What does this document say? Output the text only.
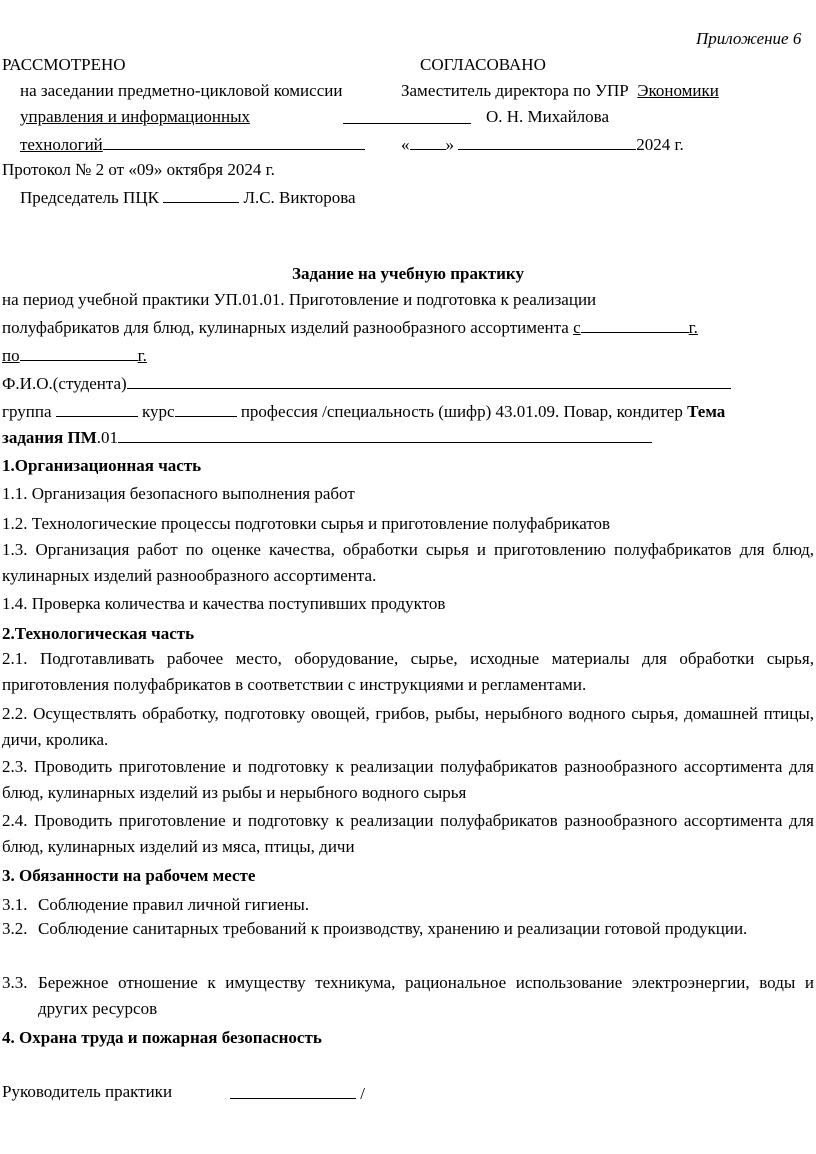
Приложение 6
РАССМОТРЕНО	СОГЛАСОВАНО
на заседании предметно-цикловой комиссии	Заместитель директора по УПР Экономики
управления и информационных	О. Н. Михайлова
технологий	« »	2024 г.
Протокол № 2 от «09» октября 2024 г.
Председатель ПЦК	Л.С. Викторова
Задание на учебную практику
на период учебной практики УП.01.01. Приготовление и подготовка к реализации
полуфабрикатов для блюд, кулинарных изделий разнообразного ассортимента с	г.
по	г.
Ф.И.О.(студента)
группа	курс	профессия /специальность (шифр) 43.01.09. Повар, кондитер Тема
задания ПМ.01
1.Организационная часть
1.1. Организация безопасного выполнения работ
1.2. Технологические процессы подготовки сырья и приготовление полуфабрикатов
1.3. Организация работ по оценке качества, обработки сырья и приготовлению полуфабрикатов для блюд, кулинарных изделий разнообразного ассортимента.
1.4. Проверка количества и качества поступивших продуктов
2.Технологическая часть
2.1. Подготавливать рабочее место, оборудование, сырье, исходные материалы для обработки сырья, приготовления полуфабрикатов в соответствии с инструкциями и регламентами.
2.2. Осуществлять обработку, подготовку овощей, грибов, рыбы, нерыбного водного сырья, домашней птицы, дичи, кролика.
2.3. Проводить приготовление и подготовку к реализации полуфабрикатов разнообразного ассортимента для блюд, кулинарных изделий из рыбы и нерыбного водного сырья
2.4. Проводить приготовление и подготовку к реализации полуфабрикатов разнообразного ассортимента для блюд, кулинарных изделий из мяса, птицы, дичи
3. Обязанности на рабочем месте
3.1. Соблюдение правил личной гигиены.
3.2. Соблюдение санитарных требований к производству, хранению и реализации готовой продукции.
3.3. Бережное отношение к имуществу техникума, рациональное использование электроэнергии, воды и других ресурсов
4. Охрана труда и пожарная безопасность
Руководитель практики	/
